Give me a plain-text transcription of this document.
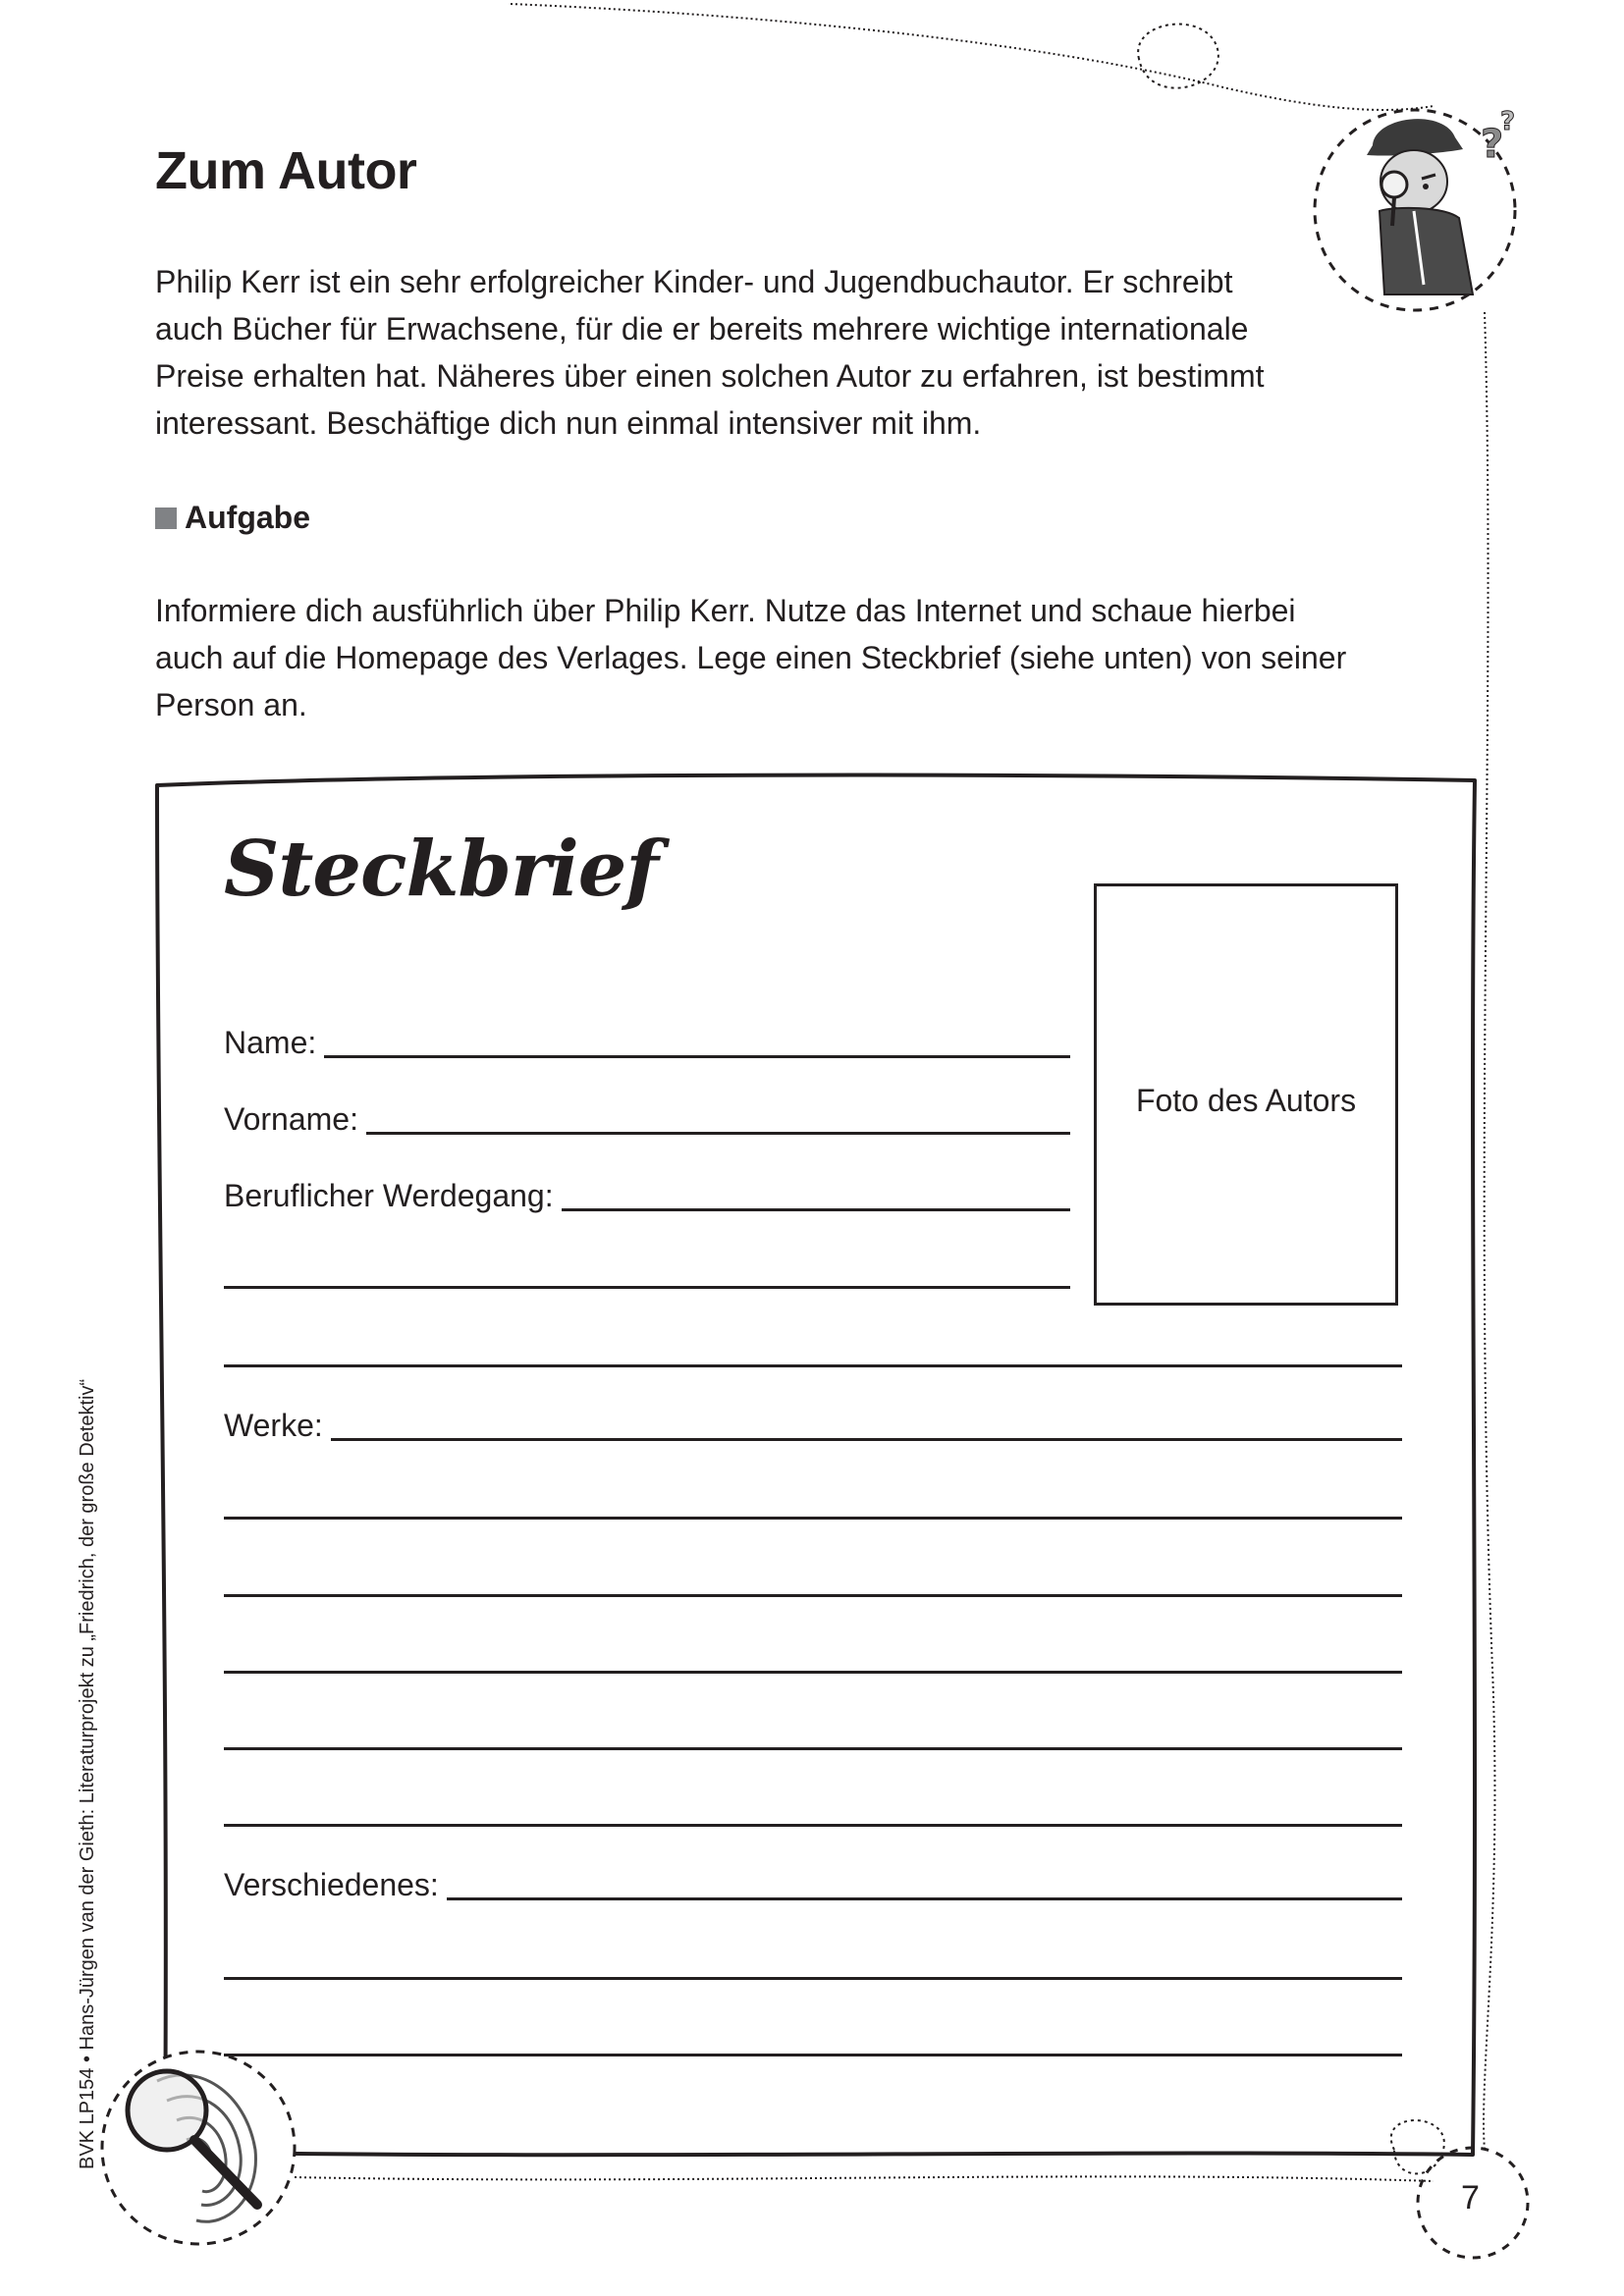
?
?
Zum Autor

Philip Kerr ist ein sehr erfolgreicher Kinder- und Jugendbuchautor. Er schreibt

auch Bücher für Erwachsene, für die er bereits mehrere wichtige internationale

Preise erhalten hat. Näheres über einen solchen Autor zu erfahren, ist bestimmt

interessant. Beschäftige dich nun einmal intensiver mit ihm.

Aufgabe

Informiere dich ausführlich über Philip Kerr. Nutze das Internet und schaue hierbei

auch auf die Homepage des Verlages. Lege einen Steckbrief (siehe unten) von seiner

Person an.

Steckbrief
Foto des Autors
Name:
Vorname:
Beruflicher Werdegang:
Werke:
Verschiedenes:
BVK LP154 • Hans-Jürgen van der Gieth: Literaturprojekt zu „Friedrich, der große Detektiv“
7
